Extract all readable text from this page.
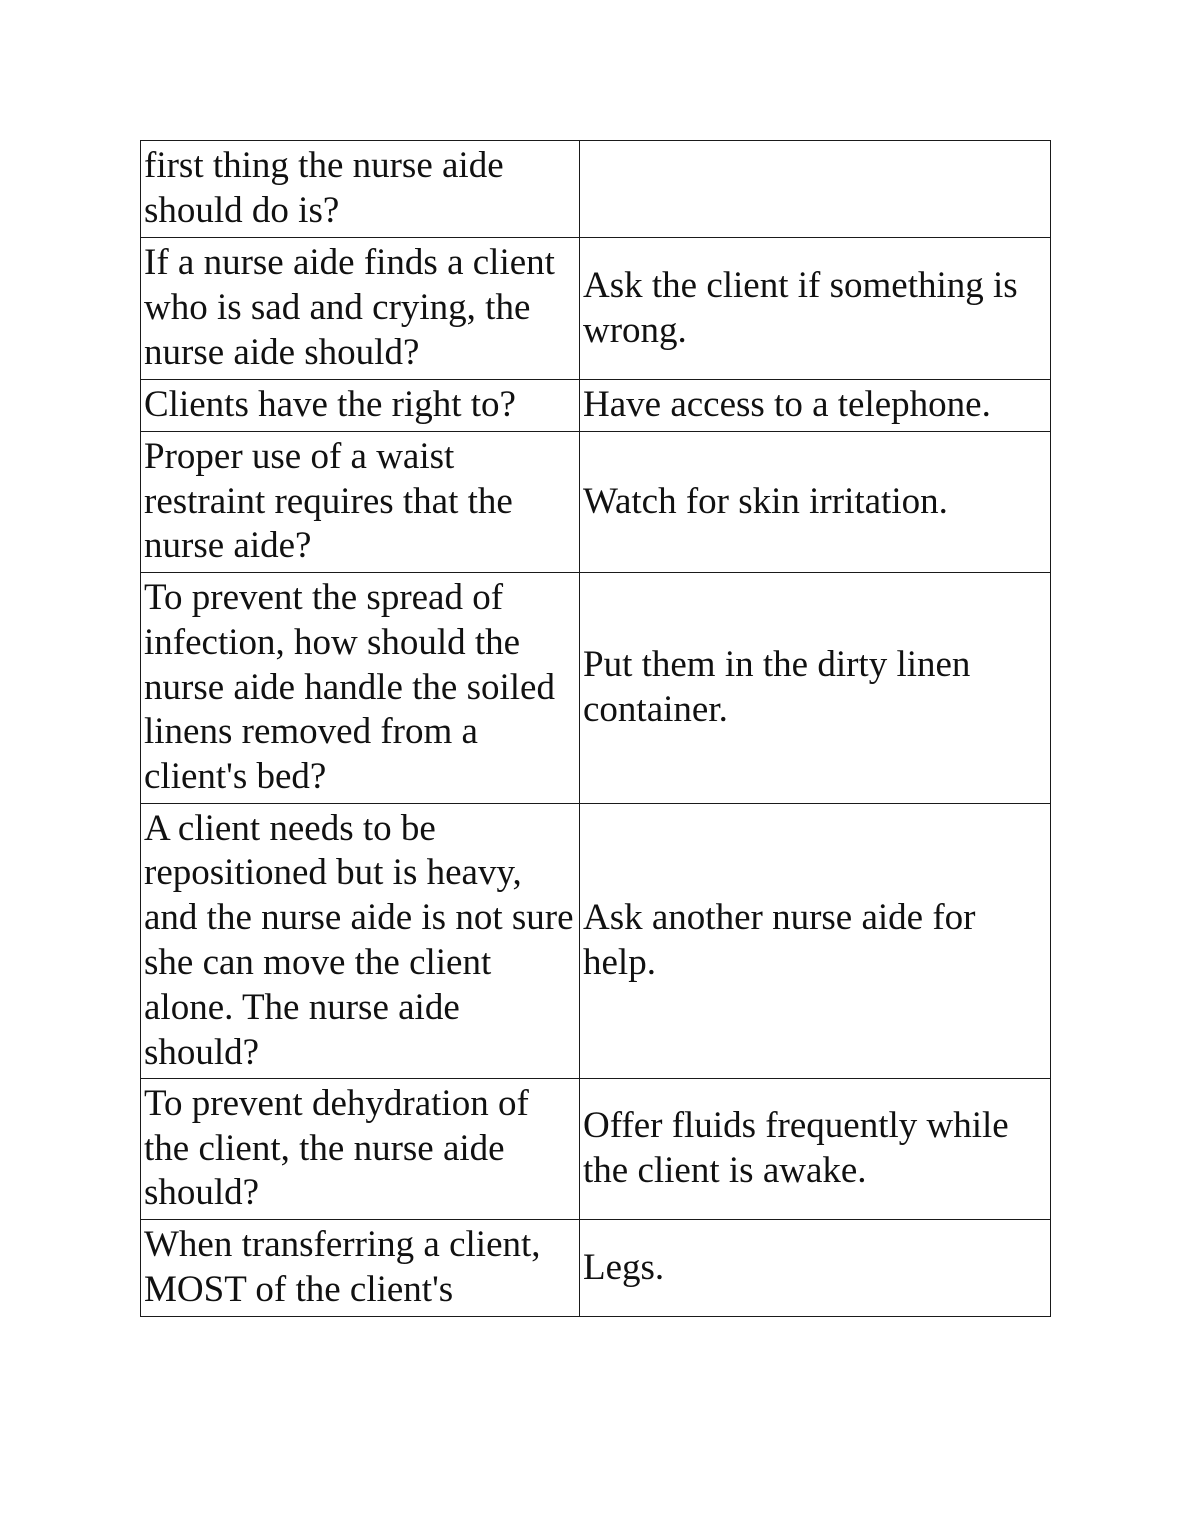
first thing the nurse aide should do is?	
If a nurse aide finds a client who is sad and crying, the nurse aide should?	Ask the client if something is wrong.
Clients have the right to?	Have access to a telephone.
Proper use of a waist restraint requires that the nurse aide?	Watch for skin irritation.
To prevent the spread of infection, how should the nurse aide handle the soiled linens removed from a client's bed?	Put them in the dirty linen container.
A client needs to be repositioned but is heavy, and the nurse aide is not sure she can move the client alone. The nurse aide should?	Ask another nurse aide for help.
To prevent dehydration of the client, the nurse aide should?	Offer fluids frequently while the client is awake.
When transferring a client, MOST of the client's	Legs.
